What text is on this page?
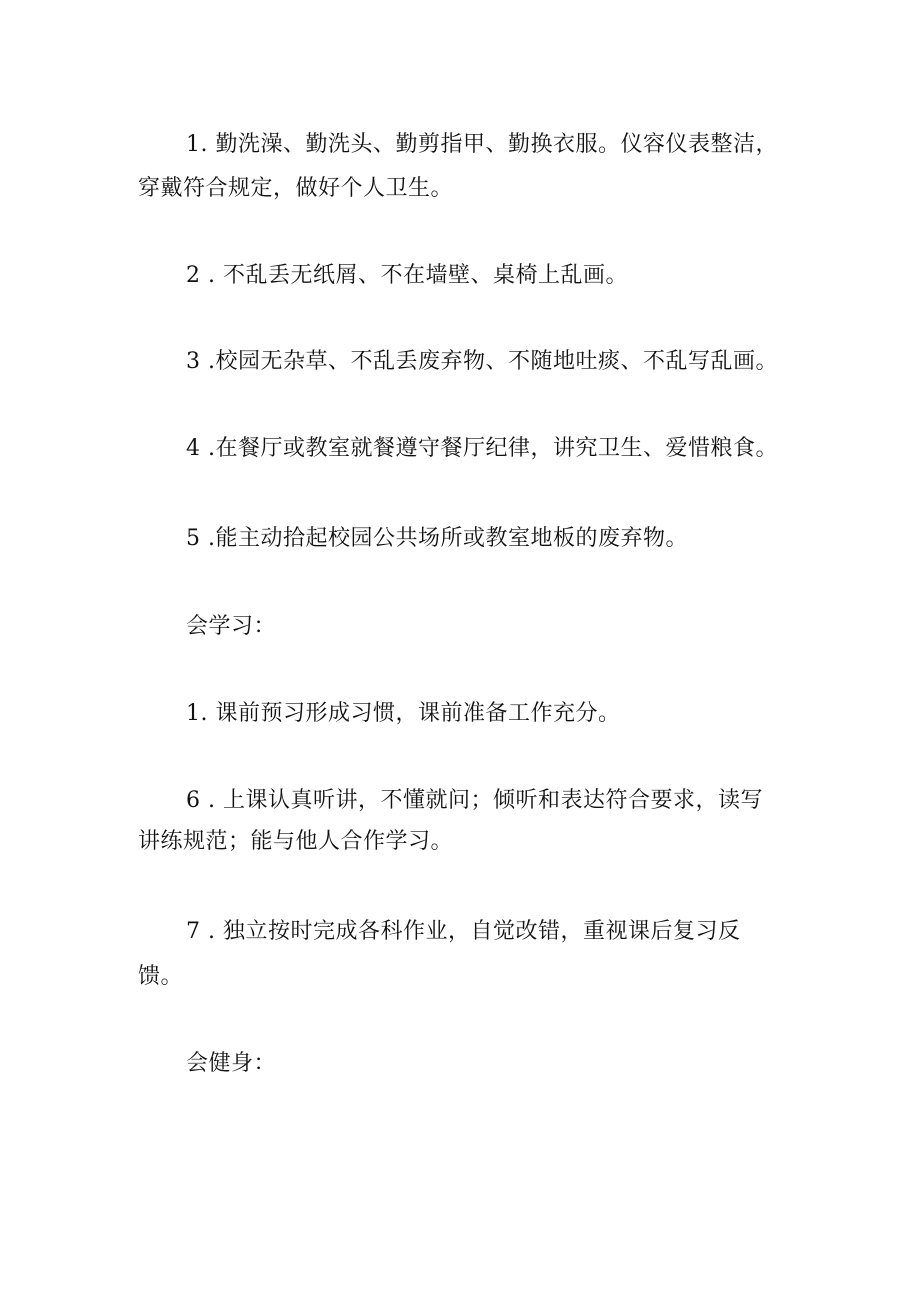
1. 勤洗澡、勤洗头、勤剪指甲、勤换衣服。仪容仪表整洁，

穿戴符合规定，做好个人卫生。

2 . 不乱丢无纸屑、不在墙壁、桌椅上乱画。

3 .校园无杂草、不乱丢废弃物、不随地吐痰、不乱写乱画。

4 .在餐厅或教室就餐遵守餐厅纪律，讲究卫生、爱惜粮食。

5 .能主动拾起校园公共场所或教室地板的废弃物。

会学习：

1. 课前预习形成习惯，课前准备工作充分。

6 . 上课认真听讲，不懂就问；倾听和表达符合要求，读写

讲练规范；能与他人合作学习。

7 . 独立按时完成各科作业，自觉改错，重视课后复习反

馈。

会健身：
